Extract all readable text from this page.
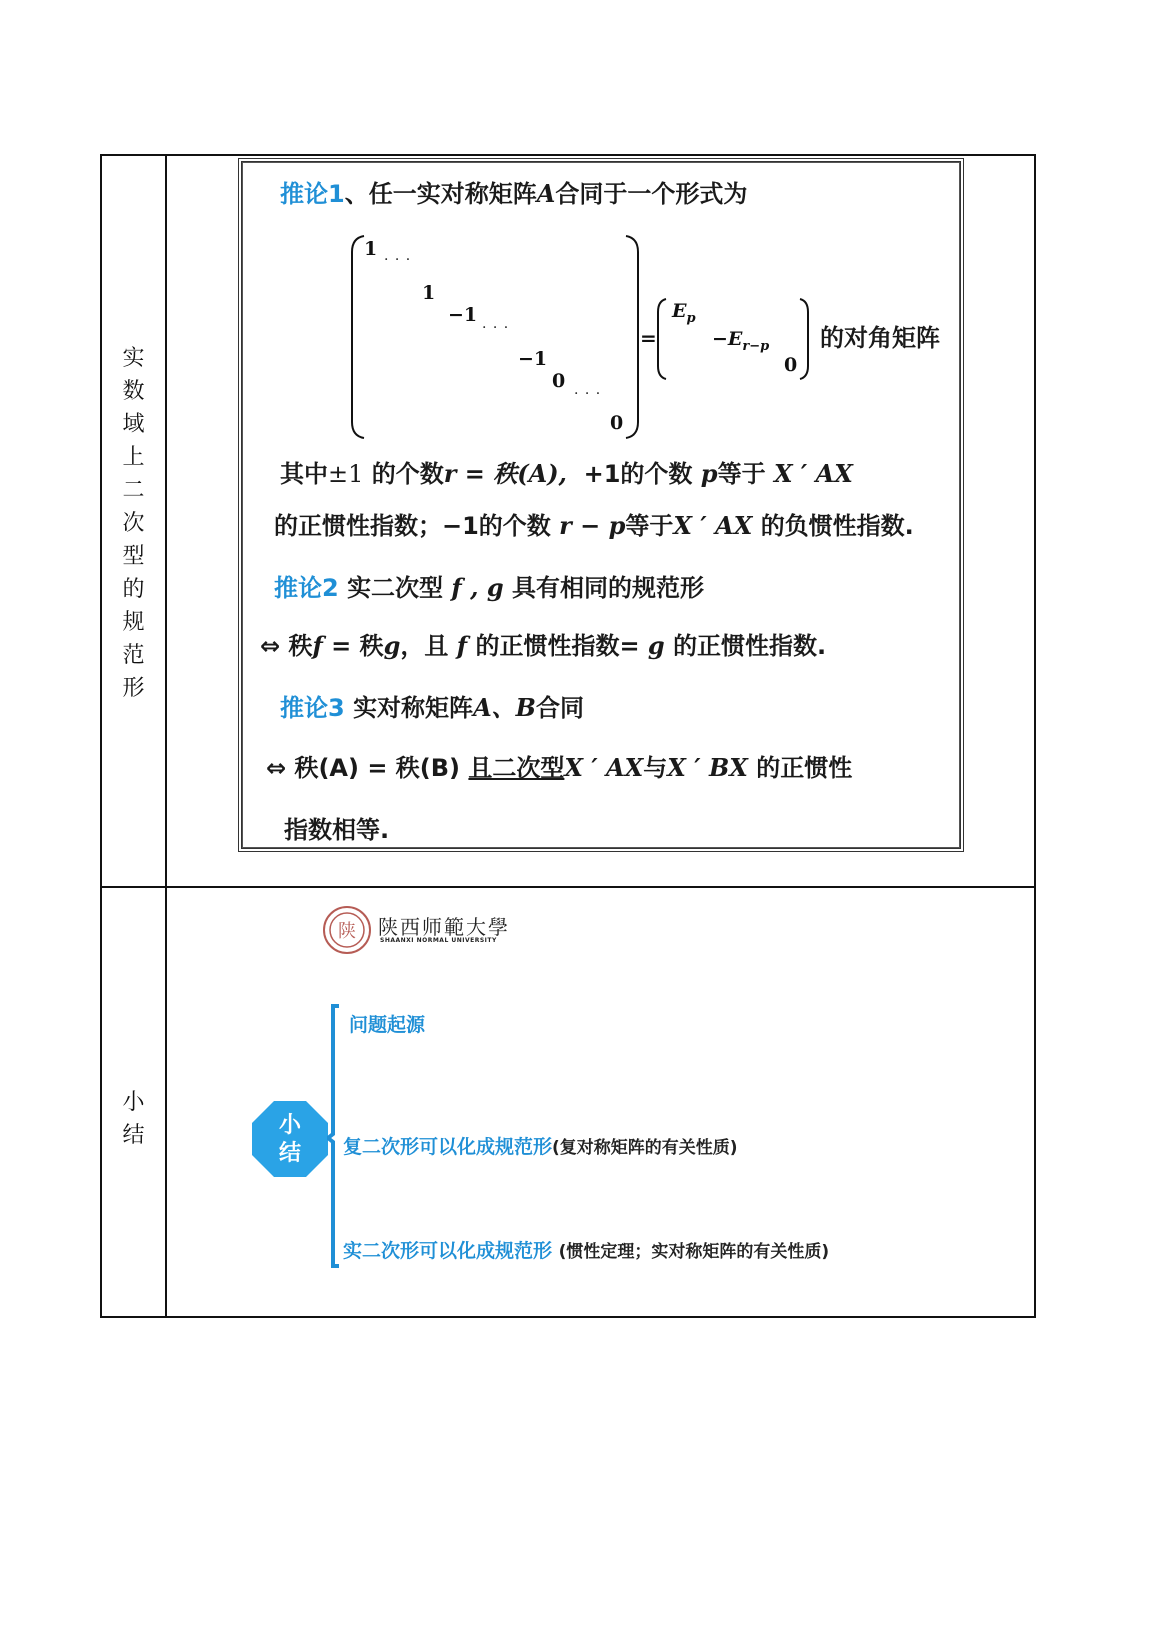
实
数
域
上
二
次
型
的
规
范
形
推论1、任一实对称矩阵A合同于一个形式为
1 · · ·
1
−1
· · ·
−1
0
· · ·
0
=
$E_p$
$-E_{r-p}$
0
的对角矩阵
其中±1 的个数r = 秩(A), +1的个数 p等于 X ′ AX
的正惯性指数；−1的个数 r − p等于X ′ AX 的负惯性指数.
推论2 实二次型 f , g 具有相同的规范形
⇔ 秩f = 秩g，且 f 的正惯性指数= g 的正惯性指数.
推论3 实对称矩阵A、B合同
⇔ 秩(A) = 秩(B) 且二次型X ′ AX与X ′ BX 的正惯性
指数相等.
小
结
陕 陕西师範大學
SHAANXI NORMAL UNIVERSITY
小
结
问题起源
复二次形可以化成规范形(复对称矩阵的有关性质)
实二次形可以化成规范形 (惯性定理；实对称矩阵的有关性质)
